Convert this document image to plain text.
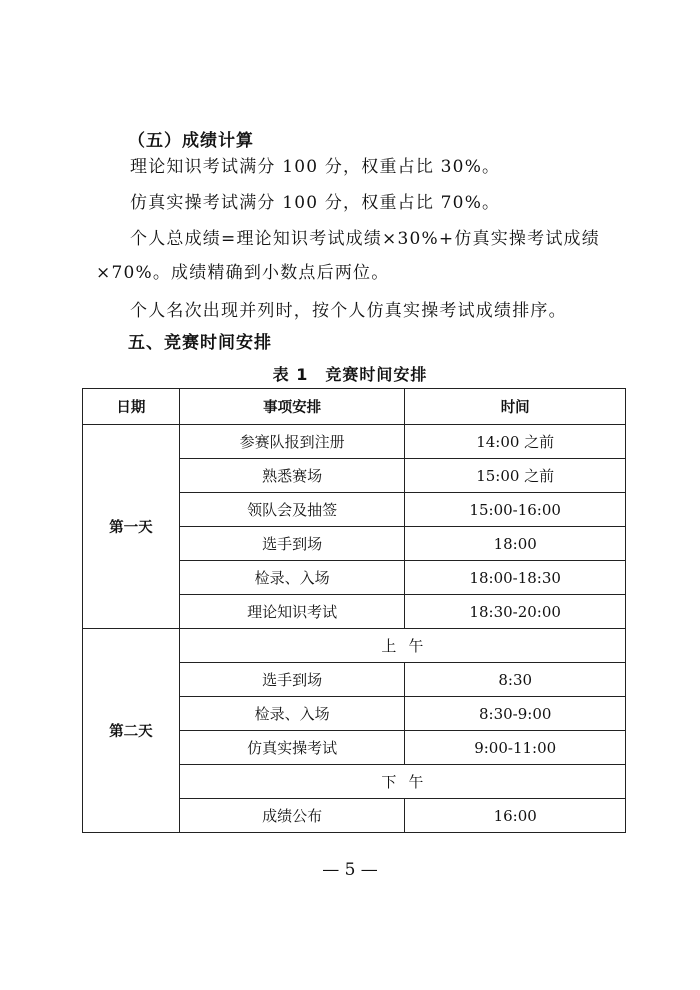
（五）成绩计算
理论知识考试满分 100 分，权重占比 30%。
仿真实操考试满分 100 分，权重占比 70%。
个人总成绩=理论知识考试成绩×30%+仿真实操考试成绩×70%。成绩精确到小数点后两位。
个人名次出现并列时，按个人仿真实操考试成绩排序。
五、竞赛时间安排
表 1　竞赛时间安排
日期	事项安排	时间
第一天	参赛队报到注册	14:00 之前
	熟悉赛场	15:00 之前
	领队会及抽签	15:00-16:00
	选手到场	18:00
	检录、入场	18:00-18:30
	理论知识考试	18:30-20:00
第二天	上午	
	选手到场	8:30
	检录、入场	8:30-9:00
	仿真实操考试	9:00-11:00
	下午	
	成绩公布	16:00
— 5 —
